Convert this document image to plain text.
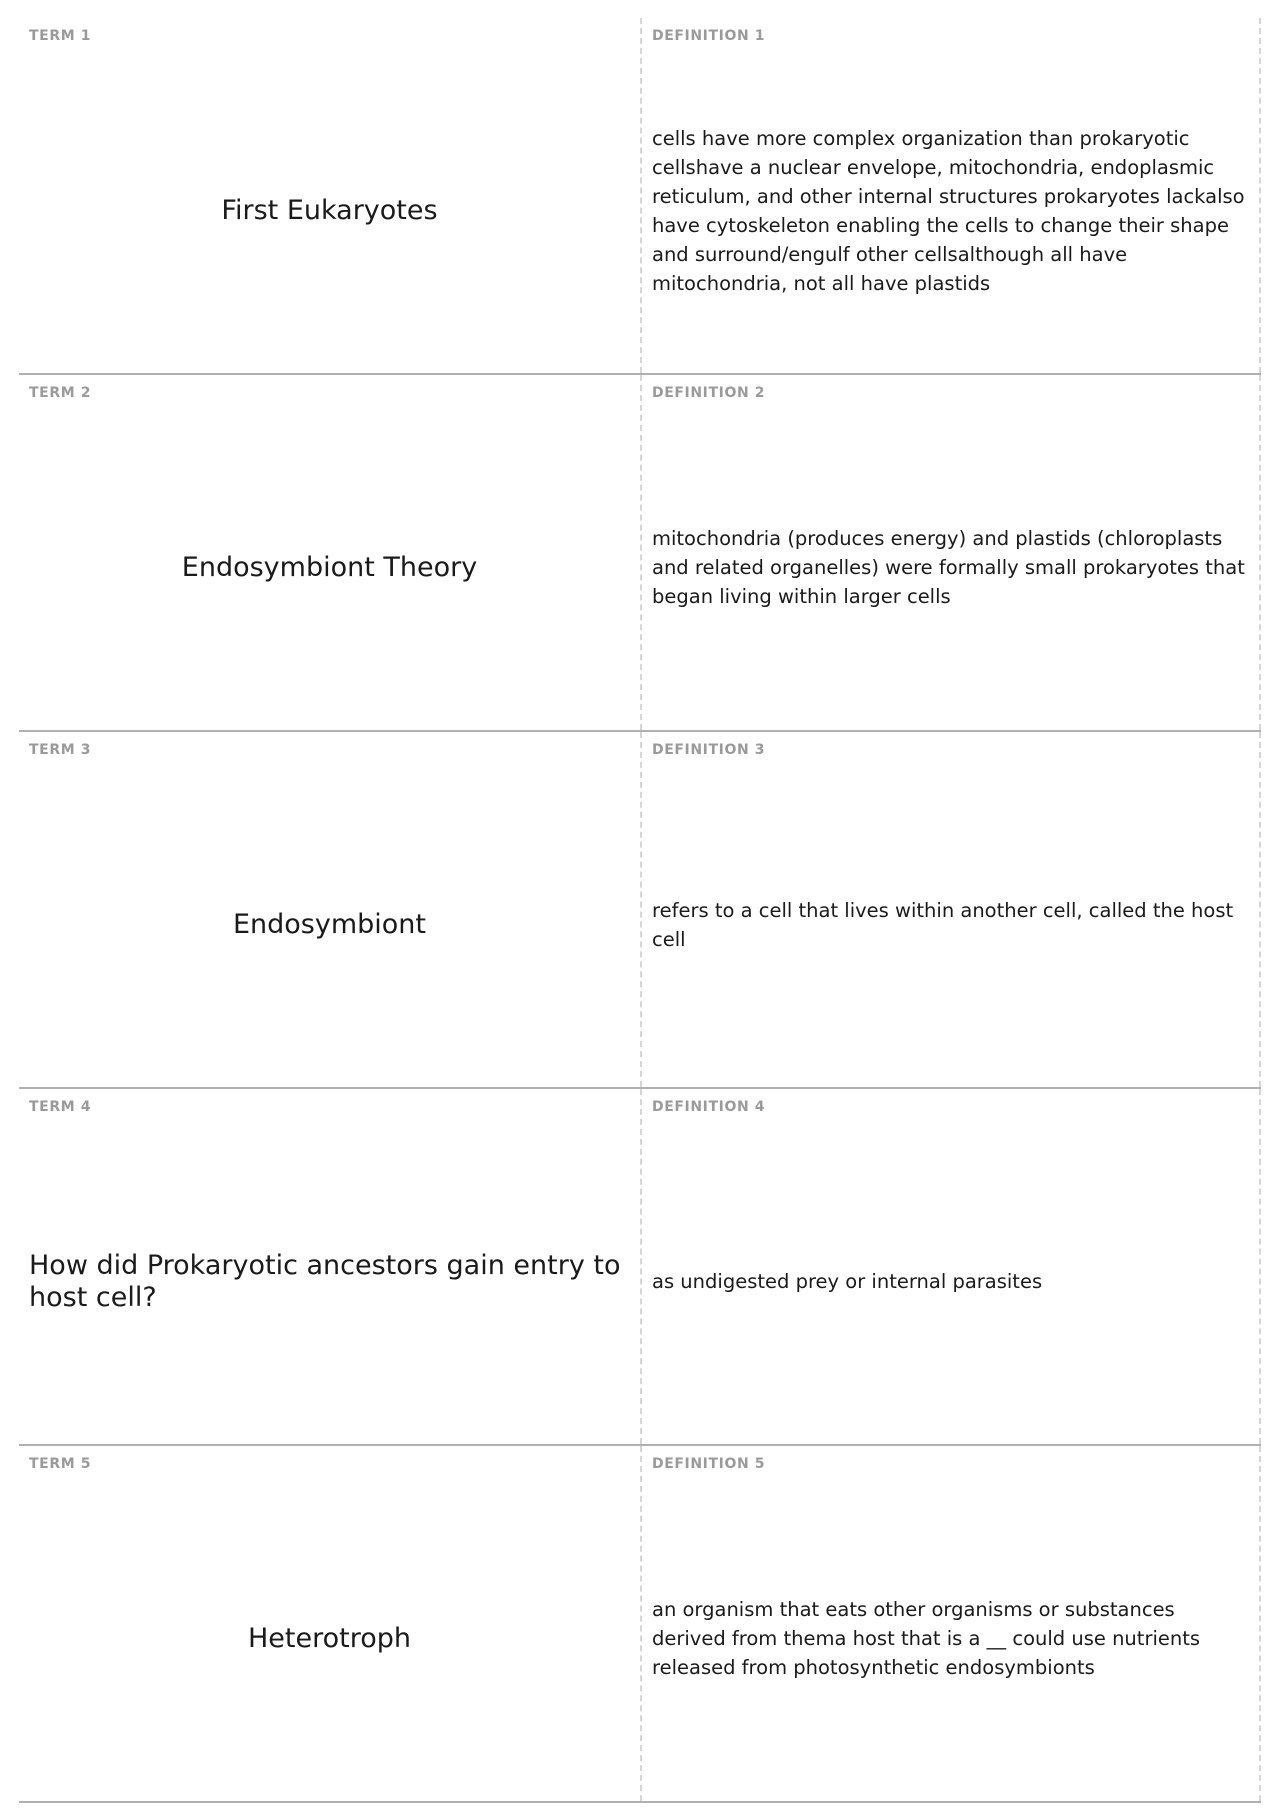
TERM 1
First Eukaryotes
DEFINITION 1
cells have more complex organization than prokaryotic cellshave a nuclear envelope, mitochondria, endoplasmic reticulum, and other internal structures prokaryotes lackalso have cytoskeleton enabling the cells to change their shape and surround/engulf other cellsalthough all have mitochondria, not all have plastids
TERM 2
Endosymbiont Theory
DEFINITION 2
mitochondria (produces energy) and plastids (chloroplasts and related organelles) were formally small prokaryotes that began living within larger cells
TERM 3
Endosymbiont
DEFINITION 3
refers to a cell that lives within another cell, called the host cell
TERM 4
How did Prokaryotic ancestors gain entry to host cell?
DEFINITION 4
as undigested prey or internal parasites
TERM 5
Heterotroph
DEFINITION 5
an organism that eats other organisms or substances derived from thema host that is a __ could use nutrients released from photosynthetic endosymbionts
